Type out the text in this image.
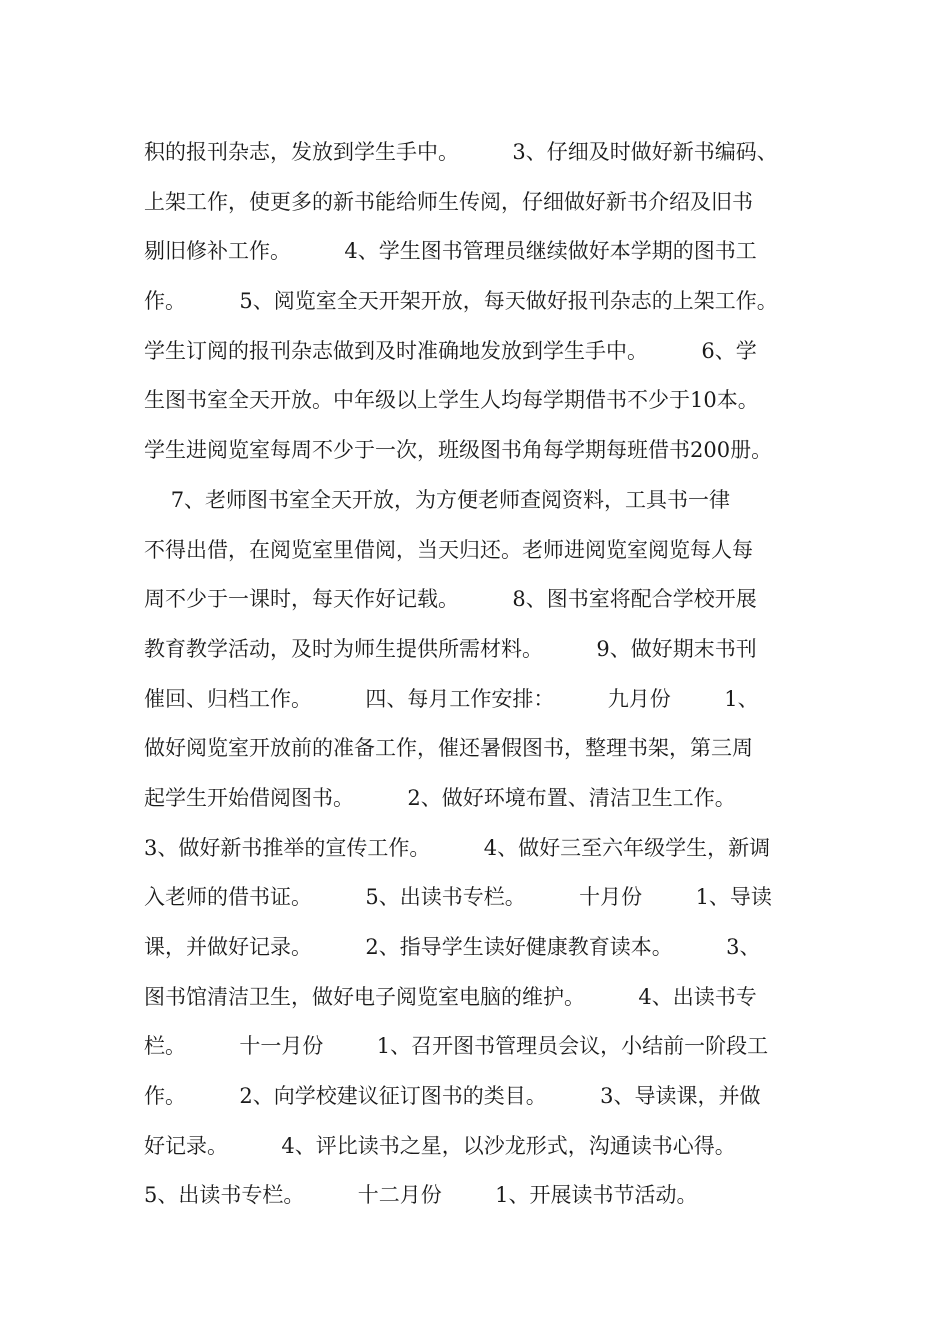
积的报刊杂志，发放到学生手中。        3、仔细及时做好新书编码、
上架工作，使更多的新书能给师生传阅，仔细做好新书介绍及旧书
剔旧修补工作。        4、学生图书管理员继续做好本学期的图书工
作。        5、阅览室全天开架开放，每天做好报刊杂志的上架工作。
学生订阅的报刊杂志做到及时准确地发放到学生手中。        6、学
生图书室全天开放。中年级以上学生人均每学期借书不少于10本。
学生进阅览室每周不少于一次，班级图书角每学期每班借书200册。
7、老师图书室全天开放，为方便老师查阅资料，工具书一律
不得出借，在阅览室里借阅，当天归还。老师进阅览室阅览每人每
周不少于一课时，每天作好记载。        8、图书室将配合学校开展
教育教学活动，及时为师生提供所需材料。        9、做好期末书刊
催回、归档工作。        四、每月工作安排：        九月份        1、
做好阅览室开放前的准备工作，催还暑假图书，整理书架，第三周
起学生开始借阅图书。        2、做好环境布置、清洁卫生工作。
3、做好新书推举的宣传工作。        4、做好三至六年级学生，新调
入老师的借书证。        5、出读书专栏。        十月份        1、导读
课，并做好记录。        2、指导学生读好健康教育读本。        3、
图书馆清洁卫生，做好电子阅览室电脑的维护。        4、出读书专
栏。        十一月份        1、召开图书管理员会议，小结前一阶段工
作。        2、向学校建议征订图书的类目。        3、导读课，并做
好记录。        4、评比读书之星，以沙龙形式，沟通读书心得。
5、出读书专栏。        十二月份        1、开展读书节活动。
